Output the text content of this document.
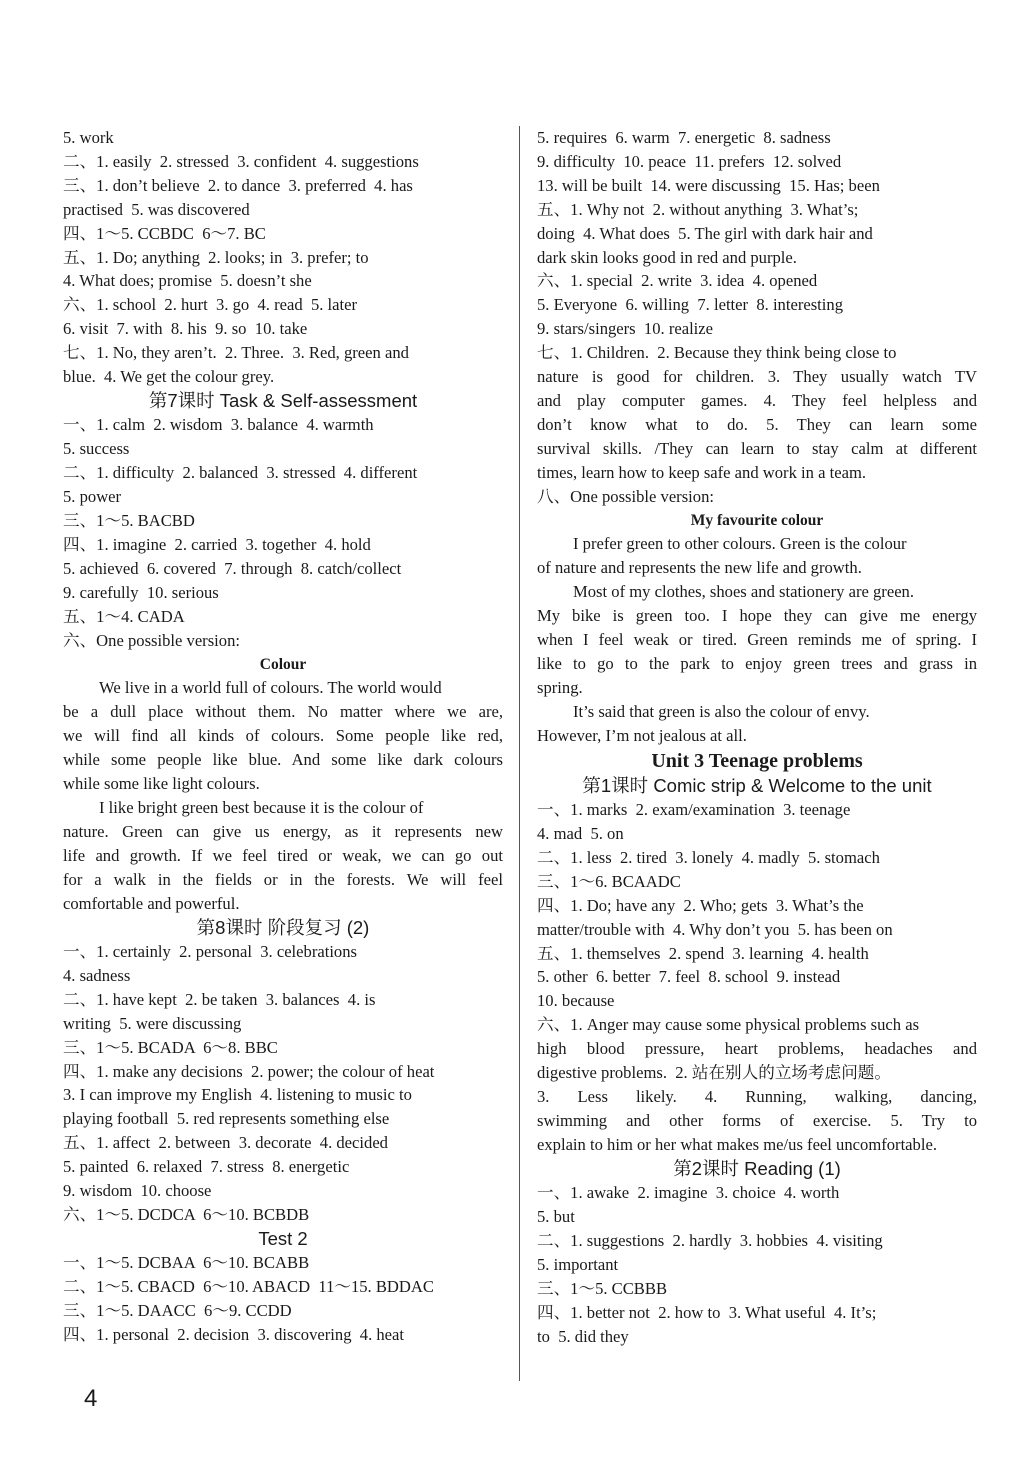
5. work
二、1. easily  2. stressed  3. confident  4. suggestions
三、1. don’t believe  2. to dance  3. preferred  4. has
practised  5. was discovered
四、1～5. CCBDC  6～7. BC
五、1. Do; anything  2. looks; in  3. prefer; to
4. What does; promise  5. doesn’t she
六、1. school  2. hurt  3. go  4. read  5. later
6. visit  7. with  8. his  9. so  10. take
七、1. No, they aren’t.  2. Three.  3. Red, green and
blue.  4. We get the colour grey.
第7课时 Task & Self-assessment
一、1. calm  2. wisdom  3. balance  4. warmth
5. success
二、1. difficulty  2. balanced  3. stressed  4. different
5. power
三、1～5. BACBD
四、1. imagine  2. carried  3. together  4. hold
5. achieved  6. covered  7. through  8. catch/collect
9. carefully  10. serious
五、1～4. CADA
六、One possible version:
Colour
We live in a world full of colours. The world would
be a dull place without them. No matter where we are,
we will find all kinds of colours. Some people like red,
while some people like blue. And some like dark colours
while some like light colours.
I like bright green best because it is the colour of
nature. Green can give us energy, as it represents new
life and growth. If we feel tired or weak, we can go out
for a walk in the fields or in the forests. We will feel
comfortable and powerful.
第8课时 阶段复习 (2)
一、1. certainly  2. personal  3. celebrations
4. sadness
二、1. have kept  2. be taken  3. balances  4. is
writing  5. were discussing
三、1～5. BCADA  6～8. BBC
四、1. make any decisions  2. power; the colour of heat
3. I can improve my English  4. listening to music to
playing football  5. red represents something else
五、1. affect  2. between  3. decorate  4. decided
5. painted  6. relaxed  7. stress  8. energetic
9. wisdom  10. choose
六、1～5. DCDCA  6～10. BCBDB
Test 2
一、1～5. DCBAA  6～10. BCABB
二、1～5. CBACD  6～10. ABACD  11～15. BDDAC
三、1～5. DAACC  6～9. CCDD
四、1. personal  2. decision  3. discovering  4. heat
5. requires  6. warm  7. energetic  8. sadness
9. difficulty  10. peace  11. prefers  12. solved
13. will be built  14. were discussing  15. Has; been
五、1. Why not  2. without anything  3. What’s;
doing  4. What does  5. The girl with dark hair and
dark skin looks good in red and purple.
六、1. special  2. write  3. idea  4. opened
5. Everyone  6. willing  7. letter  8. interesting
9. stars/singers  10. realize
七、1. Children.  2. Because they think being close to
nature is good for children. 3. They usually watch TV
and play computer games. 4. They feel helpless and
don’t know what to do. 5. They can learn some
survival skills. /They can learn to stay calm at different
times, learn how to keep safe and work in a team.
八、One possible version:
My favourite colour
I prefer green to other colours. Green is the colour
of nature and represents the new life and growth.
Most of my clothes, shoes and stationery are green.
My bike is green too. I hope they can give me energy
when I feel weak or tired. Green reminds me of spring. I
like to go to the park to enjoy green trees and grass in
spring.
It’s said that green is also the colour of envy.
However, I’m not jealous at all.
Unit 3 Teenage problems
第1课时 Comic strip & Welcome to the unit
一、1. marks  2. exam/examination  3. teenage
4. mad  5. on
二、1. less  2. tired  3. lonely  4. madly  5. stomach
三、1～6. BCAADC
四、1. Do; have any  2. Who; gets  3. What’s the
matter/trouble with  4. Why don’t you  5. has been on
五、1. themselves  2. spend  3. learning  4. health
5. other  6. better  7. feel  8. school  9. instead
10. because
六、1. Anger may cause some physical problems such as
high blood pressure, heart problems, headaches and
digestive problems.  2. 站在别人的立场考虑问题。
3. Less likely. 4. Running, walking, dancing,
swimming and other forms of exercise. 5. Try to
explain to him or her what makes me/us feel uncomfortable.
第2课时 Reading (1)
一、1. awake  2. imagine  3. choice  4. worth
5. but
二、1. suggestions  2. hardly  3. hobbies  4. visiting
5. important
三、1～5. CCBBB
四、1. better not  2. how to  3. What useful  4. It’s;
to  5. did they
4
